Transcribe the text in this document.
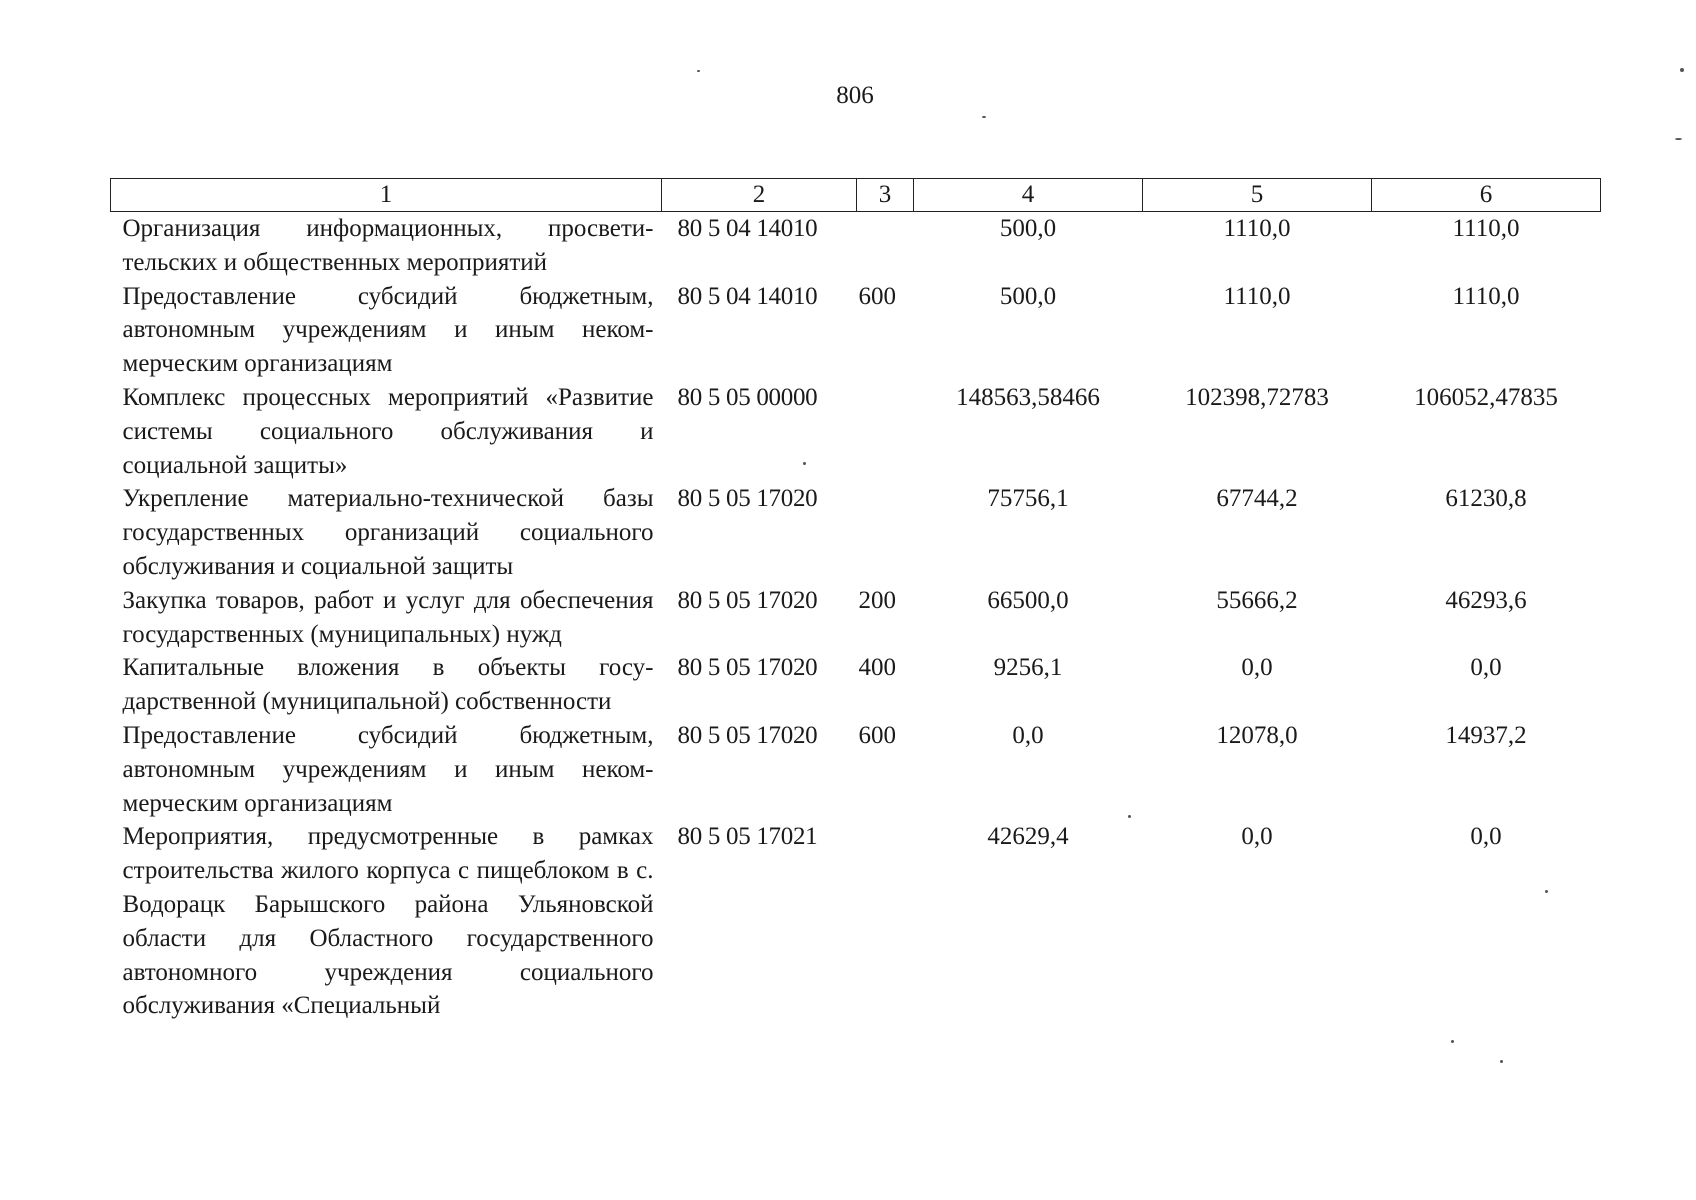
806
1	2	3	4	5	6
Организация информационных, просветительских и общественных мероприятий	80 5 04 14010		500,0	1110,0	1110,0
Предоставление субсидий бюджетным, автономным учреждениям и иным некоммерческим организациям	80 5 04 14010	600	500,0	1110,0	1110,0
Комплекс процессных мероприятий «Развитие системы социального обслуживания и социальной защиты»	80 5 05 00000		148563,58466	102398,72783	106052,47835
Укрепление материально-технической базы государственных организаций социального обслуживания и социальной защиты	80 5 05 17020		75756,1	67744,2	61230,8
Закупка товаров, работ и услуг для обеспечения государственных (муниципальных) нужд	80 5 05 17020	200	66500,0	55666,2	46293,6
Капитальные вложения в объекты государственной (муниципальной) собственности	80 5 05 17020	400	9256,1	0,0	0,0
Предоставление субсидий бюджетным, автономным учреждениям и иным некоммерческим организациям	80 5 05 17020	600	0,0	12078,0	14937,2
Мероприятия, предусмотренные в рамках строительства жилого корпуса с пищеблоком в с. Водорацк Барышского района Ульяновской области для Областного государственного автономного учреждения социального обслуживания «Специальный	80 5 05 17021		42629,4	0,0	0,0
